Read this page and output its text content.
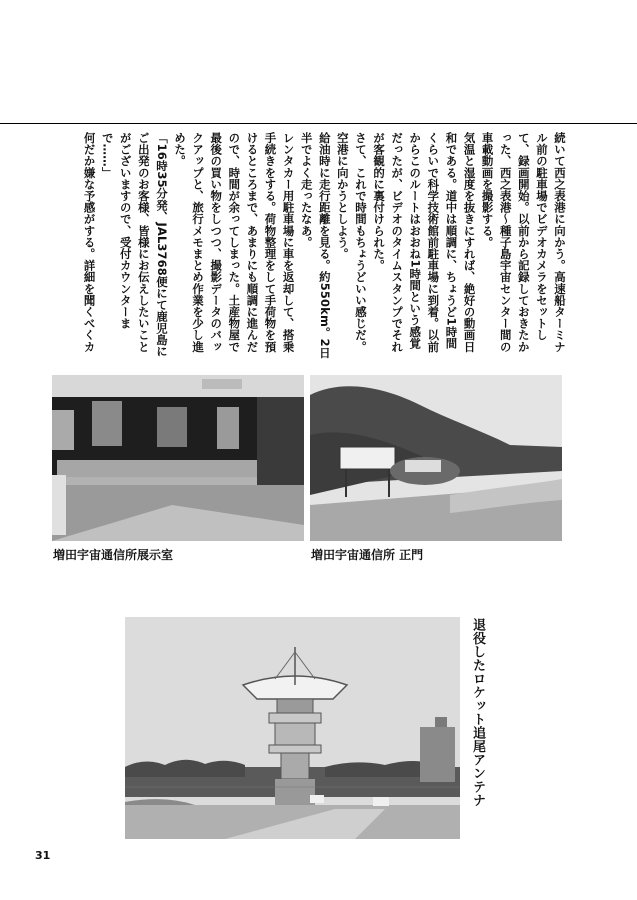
続いて西之表港に向かう。高速船ターミナル前の駐車場でビデオカメラをセットして、録画開始。以前から記録しておきたかった、西之表港～種子島宇宙センター間の車載動画を撮影する。

気温と湿度を抜きにすれば、絶好の動画日和である。道中は順調に、ちょうど1時間くらいで科学技術館前駐車場に到着。以前からこのルートはおおね1時間という感覚だったが、ビデオのタイムスタンプでそれが客観的に裏付けられた。

さて、これで時間もちょうどいい感じだ。空港に向かうとしよう。

給油時に走行距離を見る。約550km。2日半でよく走ったなあ。

レンタカー用駐車場に車を返却して、搭乗手続きをする。荷物整理をして手荷物を預けるところまで、あまりにも順調に進んだので、時間が余ってしまった。土産物屋で最後の買い物をしつつ、撮影データのバックアップと、旅行メモまとめ作業を少し進めた。

「16時35分発、JAL3768便にて鹿児島にご出発のお客様、皆様にお伝えしたいことがございますので、受付カウンターまで……」

何だか嫌な予感がする。詳細を聞くべくカ

増田宇宙通信所展示室	増田宇宙通信所 正門
退役したロケット追尾アンテナ
31
